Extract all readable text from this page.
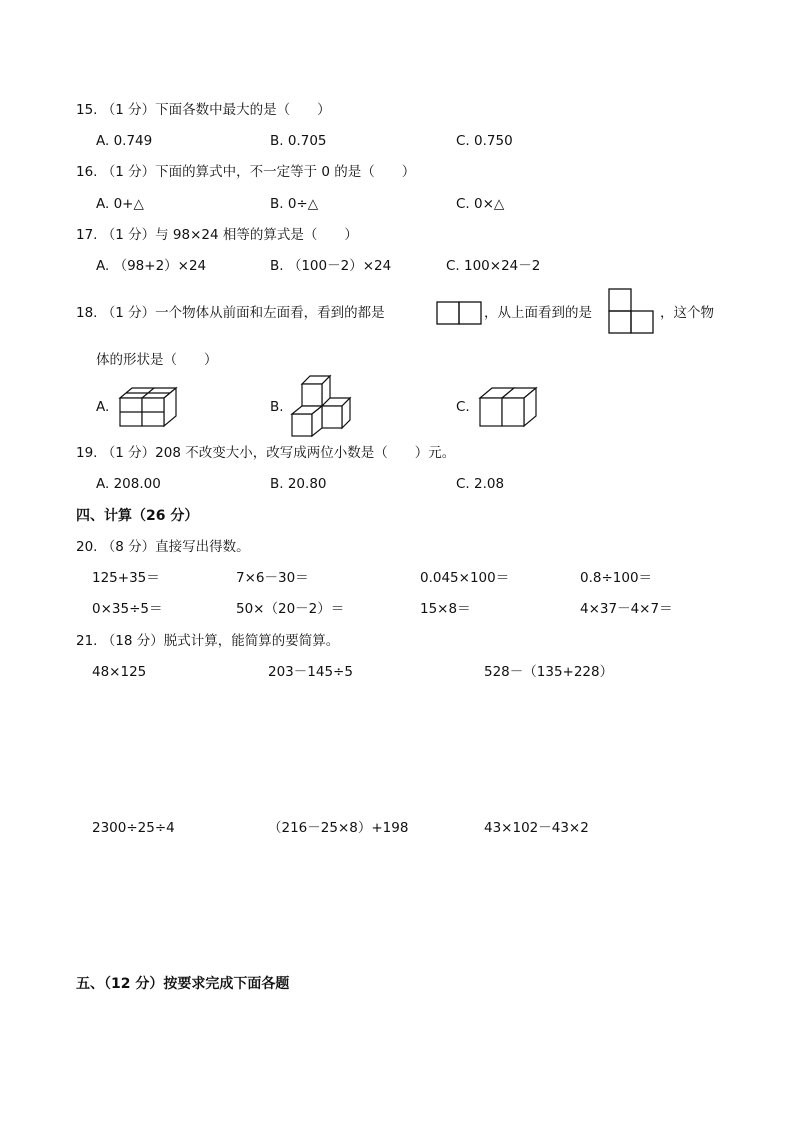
15. （1 分）下面各数中最大的是（　　）
A. 0.749	B. 0.705	C. 0.750
16. （1 分）下面的算式中，不一定等于 0 的是（　　）
A. 0+△	B. 0÷△	C. 0×△
17. （1 分）与 98×24 相等的算式是（　　）
A. （98+2）×24	B. （100－2）×24	C. 100×24－2
18. （1 分）一个物体从前面和左面看，看到的都是	，从上面看到的是	，这个物
体的形状是（　　）
A.	B.	C.
19. （1 分）208 不改变大小，改写成两位小数是（　　）元。
A. 208.00	B. 20.80	C. 2.08
四、计算（26 分）
20. （8 分）直接写出得数。
125+35＝	7×6－30＝	0.045×100＝	0.8÷100＝
0×35÷5＝	50×（20－2）＝	15×8＝	4×37－4×7＝
21. （18 分）脱式计算，能简算的要简算。
48×125	203－145÷5	528－（135+228）
2300÷25÷4	（216－25×8）+198	43×102－43×2
五、（12 分）按要求完成下面各题
